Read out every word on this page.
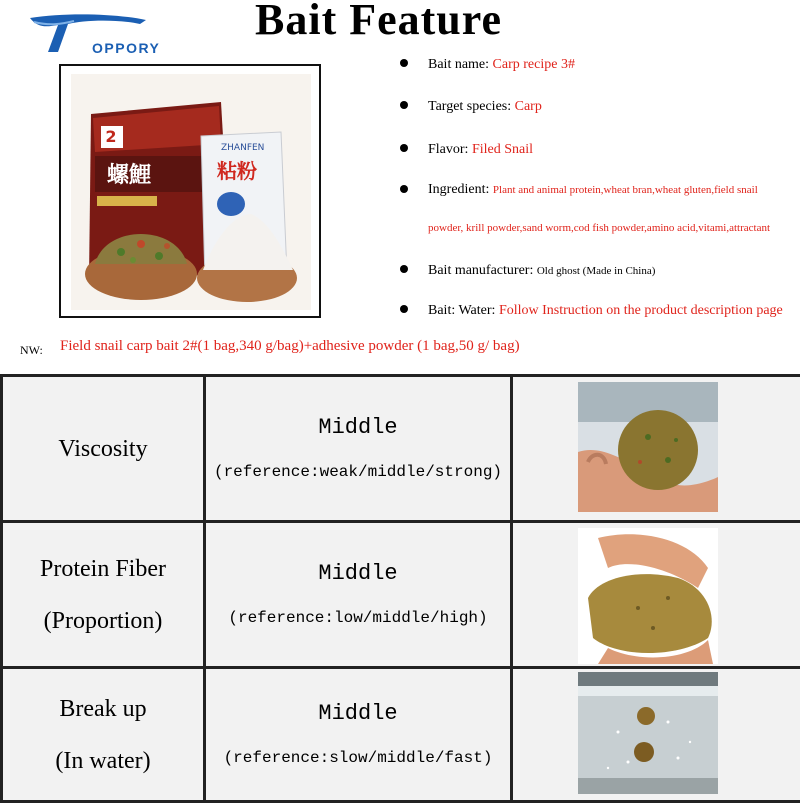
OPPORY
Bait Feature
2
螺鯉
ZHANFEN
粘粉
Bait name: Carp recipe 3#
Target species: Carp
Flavor: Filed Snail
Ingredient: Plant and animal protein,wheat bran,wheat gluten,field snail powder, krill powder,sand worm,cod fish powder,amino acid,vitami,attractant
Bait manufacturer: Old ghost (Made in China)
Bait: Water: Follow Instruction on the product description page
NW: Field snail carp bait 2#(1 bag,340 g/bag)+adhesive powder (1 bag,50 g/ bag)
Viscosity	Middle
(reference:weak/middle/strong)

Protein Fiber
(Proportion)	Middle
(reference:low/middle/high)

Break up
(In water)	Middle
(reference:slow/middle/fast)
